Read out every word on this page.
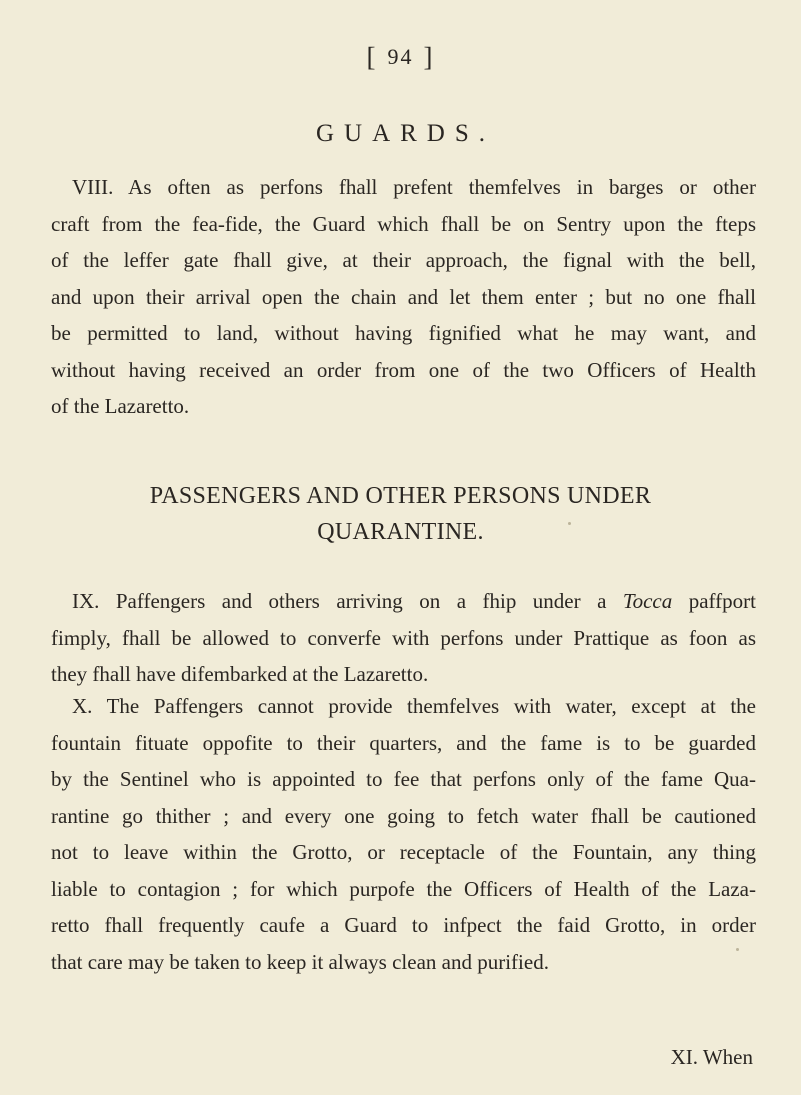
[ 94 ]
GUARDS.

VIII. As often as perfons fhall prefent themfelves in barges or other
craft from the fea-fide, the Guard which fhall be on Sentry upon the fteps
of the leffer gate fhall give, at their approach, the fignal with the bell,
and upon their arrival open the chain and let them enter ; but no one fhall
be permitted to land, without having fignified what he may want, and
without having received an order from one of the two Officers of Health
of the Lazaretto.

PASSENGERS AND OTHER PERSONS UNDER
QUARANTINE.

IX. Paffengers and others arriving on a fhip under a Tocca paffport
fimply, fhall be allowed to converfe with perfons under Prattique as foon as
they fhall have difembarked at the Lazaretto.

X. The Paffengers cannot provide themfelves with water, except at the
fountain fituate oppofite to their quarters, and the fame is to be guarded
by the Sentinel who is appointed to fee that perfons only of the fame Qua-
rantine go thither ; and every one going to fetch water fhall be cautioned
not to leave within the Grotto, or receptacle of the Fountain, any thing
liable to contagion ; for which purpofe the Officers of Health of the Laza-
retto fhall frequently caufe a Guard to infpect the faid Grotto, in order
that care may be taken to keep it always clean and purified.

XI. When
